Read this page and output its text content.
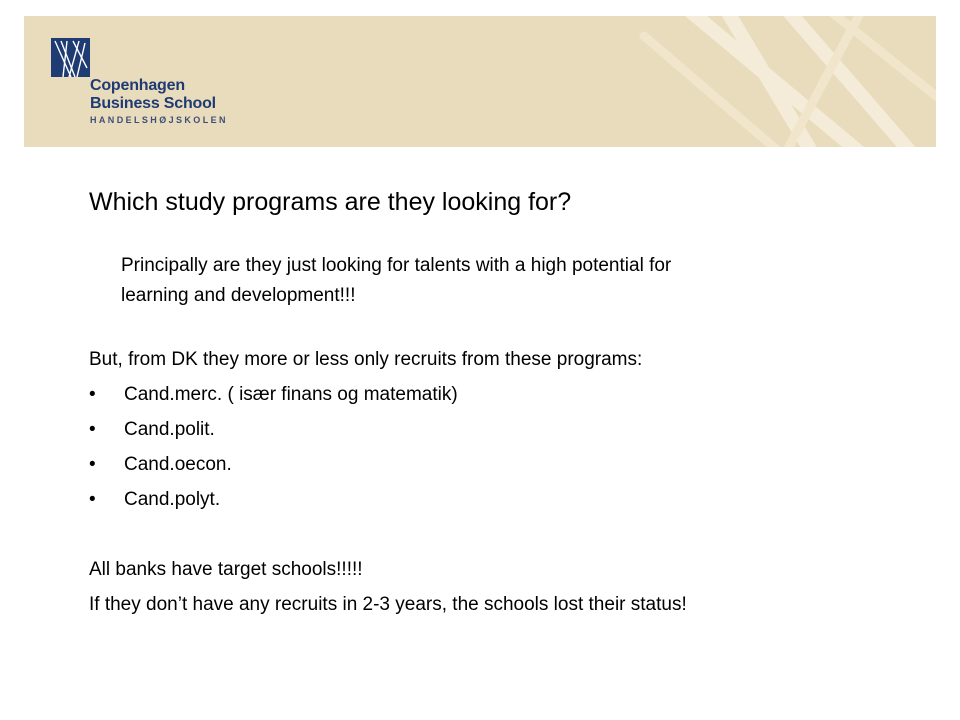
Copenhagen
Business School
HANDELSHØJSKOLEN
Which study programs are they looking for?

Principally are they just looking for talents with a high potential for
learning and development!!!

But, from DK they more or less only recruits from these programs:

• Cand.merc. ( især finans og matematik)
• Cand.polit.
• Cand.oecon.
• Cand.polyt.

All banks have target schools!!!!!

If they don’t have any recruits in 2-3 years, the schools lost their status!
